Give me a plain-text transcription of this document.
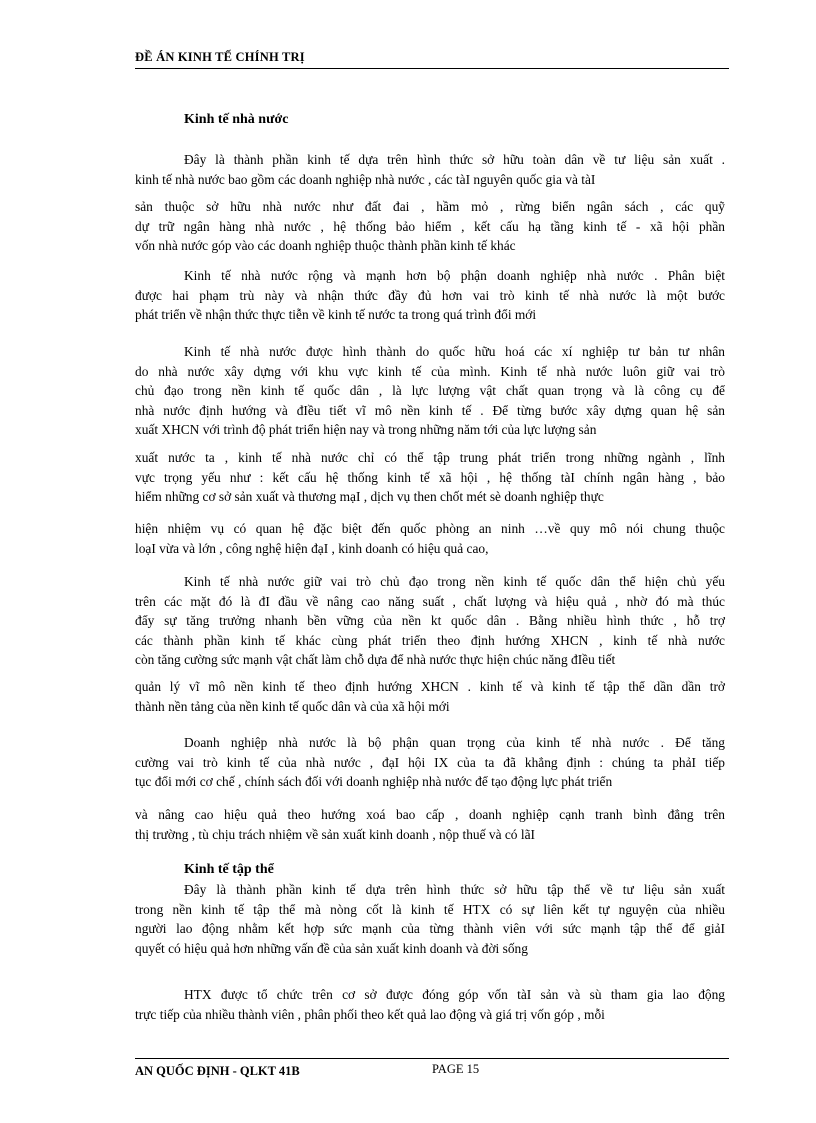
ĐỀ ÁN KINH TẾ CHÍNH TRỊ
Kinh tế nhà nước
Kinh tế tập thể
Đây là thành phần kinh tế dựa trên hình thức sở hữu toàn dân về tư liệu sản xuất .
kinh tế nhà nước bao gồm các doanh nghiệp nhà nước , các tàI nguyên quốc gia và tàI
sản thuộc sở hữu nhà nước như đất đai , hầm mỏ , rừng biển ngân sách , các quỹ
dự trữ ngân hàng nhà nước , hệ thống bảo hiểm , kết cấu hạ tầng kinh tế - xã hội phần
vốn nhà nước góp vào các doanh nghiệp thuộc thành phần kinh tế khác
Kinh tế nhà nước rộng và mạnh hơn bộ phận doanh nghiệp nhà nước . Phân biệt
được hai phạm trù này và nhận thức đầy đủ hơn vai trò kinh tế nhà nước là một bước
phát triển về nhận thức thực tiễn về kinh tế nước ta trong quá trình đổi mới
Kinh tế nhà nước được hình thành do quốc hữu hoá các xí nghiệp tư bản tư nhân
do nhà nước xây dựng với khu vực kinh tế của mình. Kinh tế nhà nước luôn giữ vai trò
chủ đạo trong nền kinh tế quốc dân , là lực lượng vật chất quan trọng và là công cụ để
nhà nước định hướng và đIều tiết vĩ mô nền kinh tế . Để từng bước xây dựng quan hệ sản
xuất XHCN với trình độ phát triển hiện nay và trong những năm tới của lực lượng sản
xuất nước ta , kinh tế nhà nước chỉ có thể tập trung phát triển trong những ngành , lĩnh
vực trọng yếu như : kết cấu hệ thống kinh tế xã hội , hệ thống tàI chính ngân hàng , bảo
hiểm những cơ sở sản xuất và thương mạI , dịch vụ then chốt mét sè doanh nghiệp thực
hiện nhiệm vụ có quan hệ đặc biệt đến quốc phòng an ninh …về quy mô nói chung thuộc
loạI vừa và lớn , công nghệ hiện đạI , kinh doanh có hiệu quả cao,
Kinh tế nhà nước giữ vai trò chủ đạo trong nền kinh tế quốc dân thể hiện chủ yếu
trên các mặt đó là đI đầu về nâng cao năng suất , chất lượng và hiệu quả , nhờ đó mà thúc
đẩy sự tăng trưởng nhanh bền vững của nền kt quốc dân . Bằng nhiều hình thức , hỗ trợ
các thành phần kinh tế khác cùng phát triển theo định hướng XHCN , kinh tế nhà nước
còn tăng cường sức mạnh vật chất làm chỗ dựa để nhà nước thực hiện chúc năng đIều tiết
quản lý vĩ mô nền kinh tế theo định hướng XHCN . kinh tế và kinh tế tập thể dần dần trở
thành nền tảng của nền kinh tế quốc dân và của xã hội mới
Doanh nghiệp nhà nước là bộ phận quan trọng của kinh tế nhà nước . Để tăng
cường vai trò kinh tế của nhà nước , đạI hội IX của ta đã khẳng định : chúng ta phảI tiếp
tục đổi mới cơ chế , chính sách đối với doanh nghiệp nhà nước để tạo động lực phát triển
và nâng cao hiệu quả theo hướng xoá bao cấp , doanh nghiệp cạnh tranh bình đẳng trên
thị trường , tù chịu trách nhiệm về sản xuất kinh doanh , nộp thuế và có lãI
Đây là thành phần kinh tế dựa trên hình thức sở hữu tập thể về tư liệu sản xuất
trong nền kinh tế tập thể mà nòng cốt là kinh tế HTX có sự liên kết tự nguyện của nhiều
người lao động nhằm kết hợp sức mạnh của từng thành viên với sức mạnh tập thể để giảI
quyết có hiệu quả hơn những vấn đề của sản xuất kinh doanh và đời sống
HTX được tổ chức trên cơ sở được đóng góp vốn tàI sản và sù tham gia lao động
trực tiếp của nhiều thành viên , phân phối theo kết quả lao động và giá trị vốn góp , mỗi
AN QUỐC ĐỊNH - QLKT 41B	PAGE 15
